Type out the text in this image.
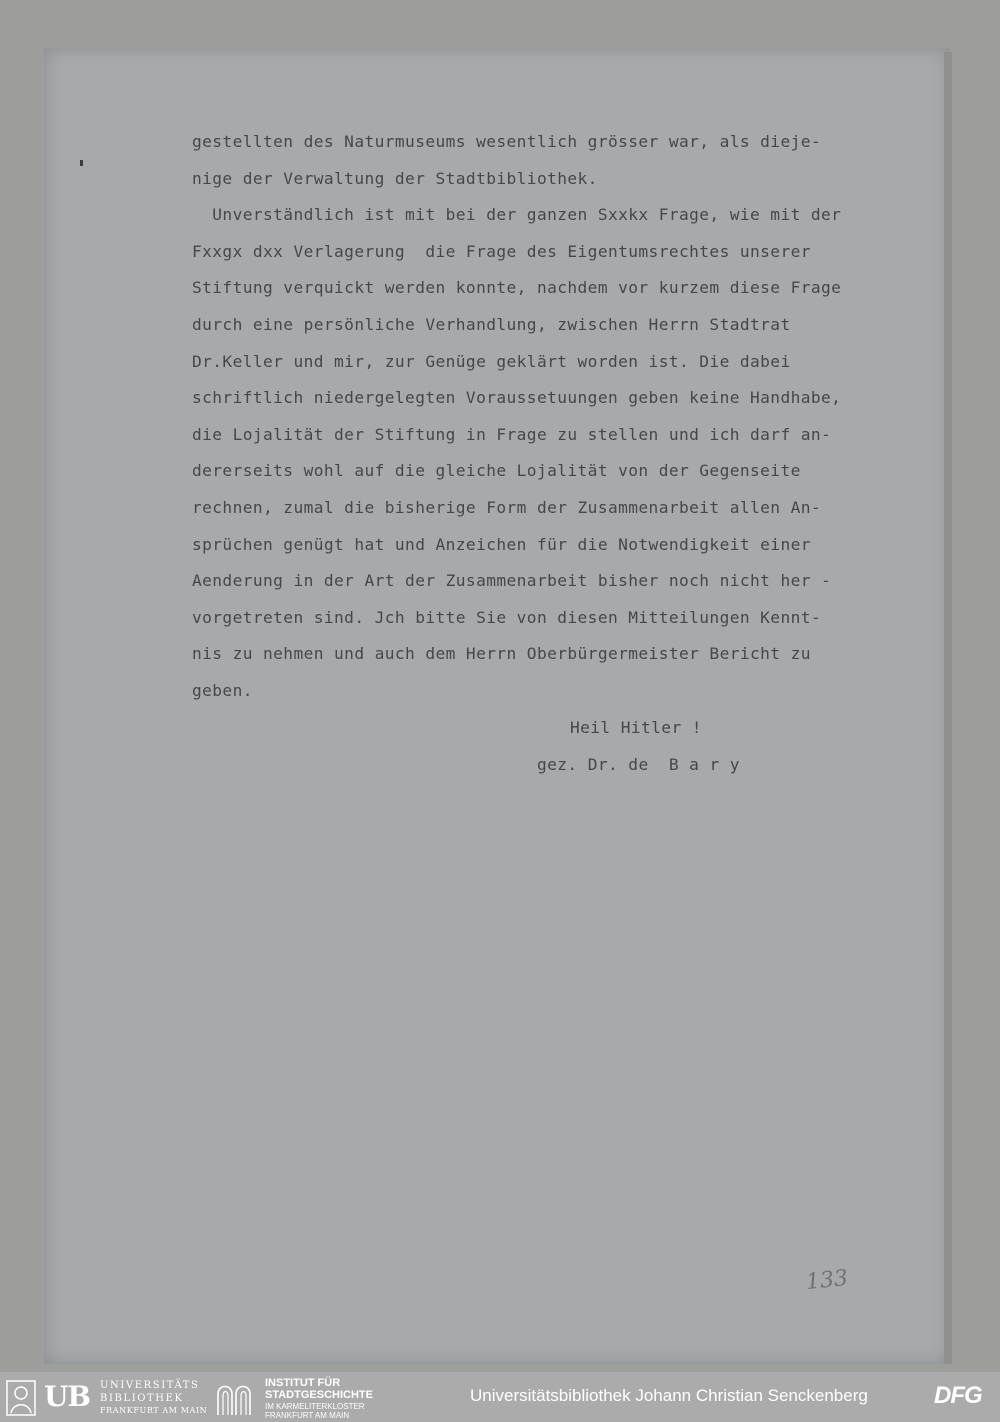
gestellten des Naturmuseums wesentlich grösser war, als dieje-
nige der Verwaltung der Stadtbibliothek.
Unverständlich ist mit bei der ganzen Sxxkx Frage, wie mit der
Fxxgx dxx Verlagerung  die Frage des Eigentumsrechtes unserer
Stiftung verquickt werden konnte, nachdem vor kurzem diese Frage
durch eine persönliche Verhandlung, zwischen Herrn Stadtrat
Dr.Keller und mir, zur Genüge geklärt worden ist. Die dabei
schriftlich niedergelegten Voraussetuungen geben keine Handhabe,
die Lojalität der Stiftung in Frage zu stellen und ich darf an-
dererseits wohl auf die gleiche Lojalität von der Gegenseite
rechnen, zumal die bisherige Form der Zusammenarbeit allen An-
sprüchen genügt hat und Anzeichen für die Notwendigkeit einer
Aenderung in der Art der Zusammenarbeit bisher noch nicht her -
vorgetreten sind. Jch bitte Sie von diesen Mitteilungen Kennt-
nis zu nehmen und auch dem Herrn Oberbürgermeister Bericht zu
geben.
Heil Hitler !
gez. Dr. de  B a r y
133
UB UNIVERSITÄTS
BIBLIOTHEK
FRANKFURT AM MAIN
INSTITUT FÜR
STADTGESCHICHTE
IM KARMELITERKLOSTER
FRANKFURT AM MAIN
Universitätsbibliothek Johann Christian Senckenberg	DFG
